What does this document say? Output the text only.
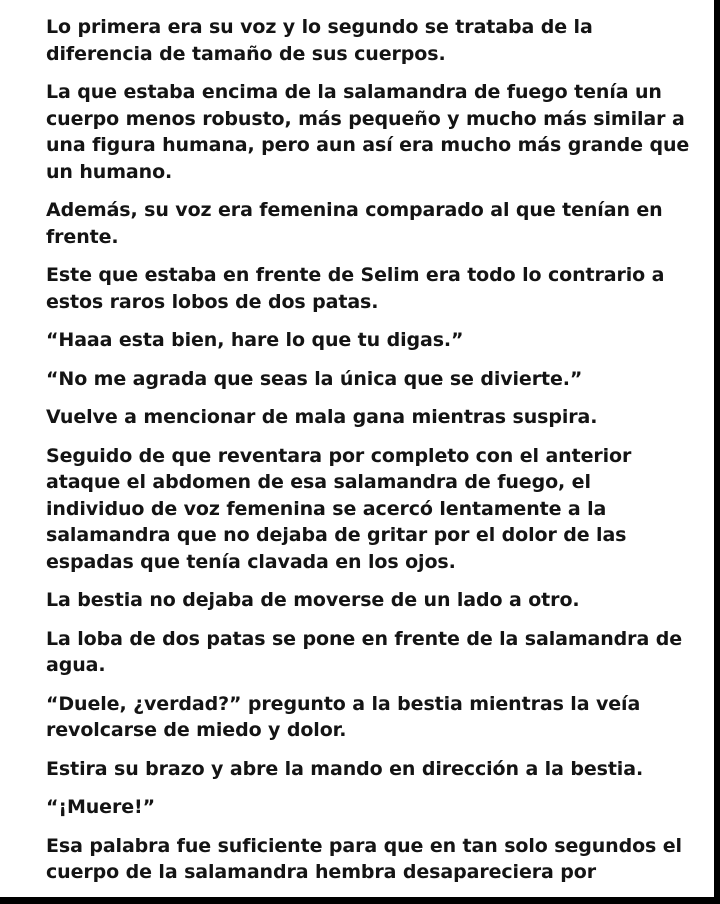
Lo primera era su voz y lo segundo se trataba de la diferencia de tamaño de sus cuerpos.

La que estaba encima de la salamandra de fuego tenía un cuerpo menos robusto, más pequeño y mucho más similar a una figura humana, pero aun así era mucho más grande que un humano.

Además, su voz era femenina comparado al que tenían en frente.

Este que estaba en frente de Selim era todo lo contrario a estos raros lobos de dos patas.

“Haaa esta bien, hare lo que tu digas.”

“No me agrada que seas la única que se divierte.”

Vuelve a mencionar de mala gana mientras suspira.

Seguido de que reventara por completo con el anterior ataque el abdomen de esa salamandra de fuego, el individuo de voz femenina se acercó lentamente a la salamandra que no dejaba de gritar por el dolor de las espadas que tenía clavada en los ojos.

La bestia no dejaba de moverse de un lado a otro.

La loba de dos patas se pone en frente de la salamandra de agua.

“Duele, ¿verdad?” pregunto a la bestia mientras la veía revolcarse de miedo y dolor.

Estira su brazo y abre la mando en dirección a la bestia.

“¡Muere!”

Esa palabra fue suficiente para que en tan solo segundos el cuerpo de la salamandra hembra desapareciera por
